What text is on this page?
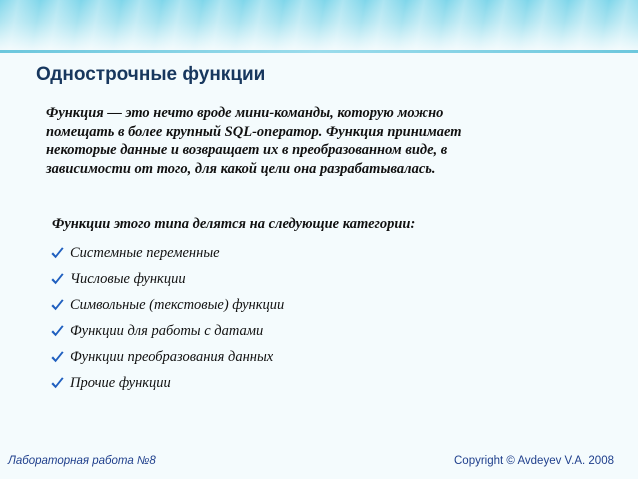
Однострочные функции
Функция — это нечто вроде мини-команды, которую можно
помещать в более крупный SQL-оператор. Функция принимает
некоторые данные и возвращает их в преобразованном виде, в
зависимости от того, для какой цели она разрабатывалась.
Функции этого типа делятся на следующие категории:
Системные переменные
Числовые функции
Символьные (текстовые) функции
Функции для работы с датами
Функции преобразования данных
Прочие функции
Лабораторная работа №8	Copyright © Avdeyev V.A. 2008
